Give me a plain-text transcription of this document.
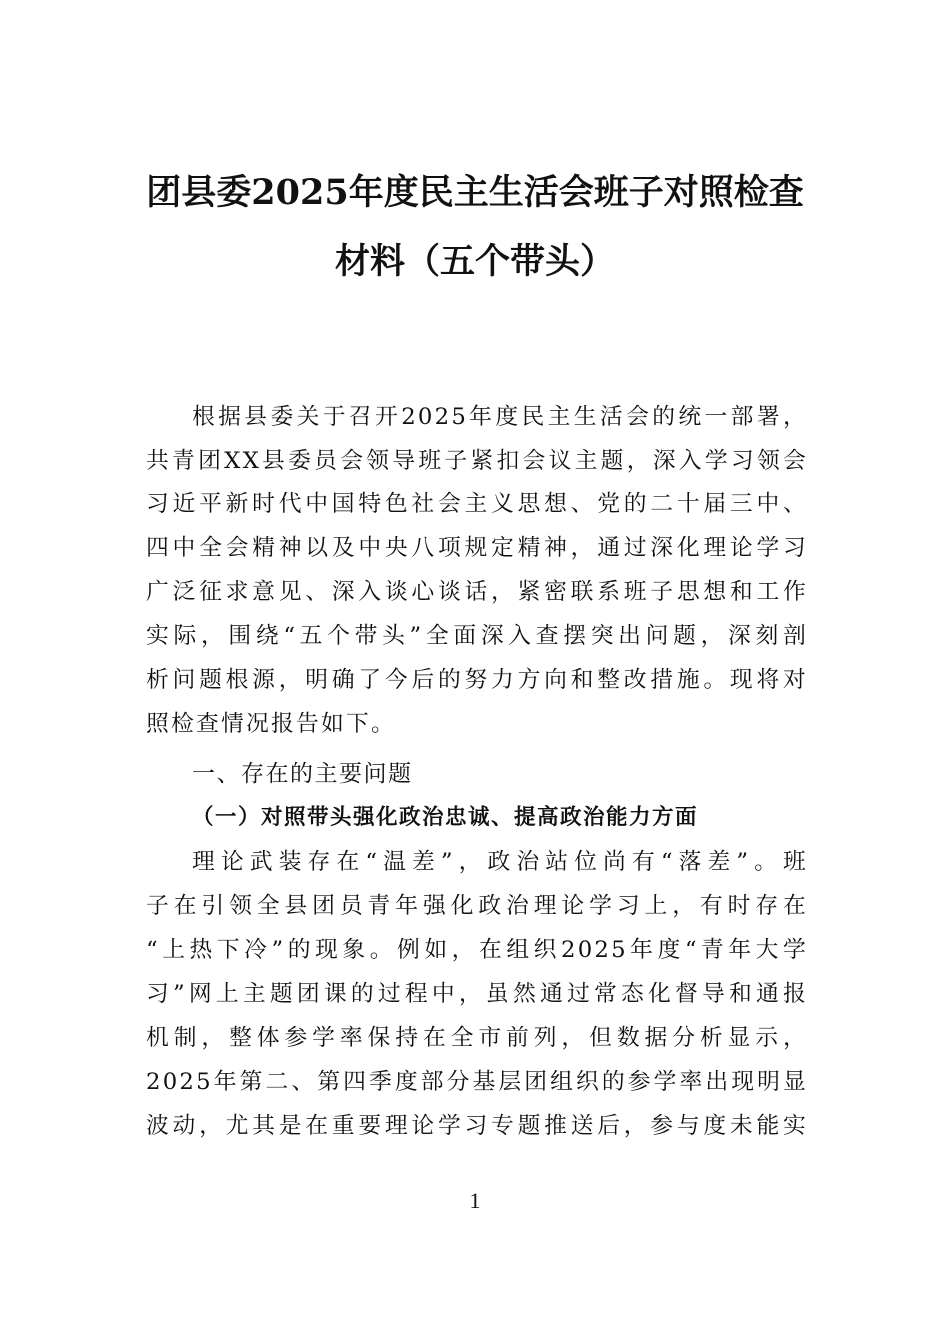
团县委2025年度民主生活会班子对照检查
材料（五个带头）
根据县委关于召开2025年度民主生活会的统一部署，
共青团XX县委员会领导班子紧扣会议主题，深入学习领会
习近平新时代中国特色社会主义思想、党的二十届三中、
四中全会精神以及中央八项规定精神，通过深化理论学习
广泛征求意见、深入谈心谈话，紧密联系班子思想和工作
实际，围绕“五个带头”全面深入查摆突出问题，深刻剖
析问题根源，明确了今后的努力方向和整改措施。现将对
照检查情况报告如下。
一、存在的主要问题
（一）对照带头强化政治忠诚、提高政治能力方面
理论武装存在“温差”，政治站位尚有“落差”。班
子在引领全县团员青年强化政治理论学习上，有时存在
“上热下冷”的现象。例如，在组织2025年度“青年大学
习”网上主题团课的过程中，虽然通过常态化督导和通报
机制，整体参学率保持在全市前列，但数据分析显示，
2025年第二、第四季度部分基层团组织的参学率出现明显
波动，尤其是在重要理论学习专题推送后，参与度未能实
1
